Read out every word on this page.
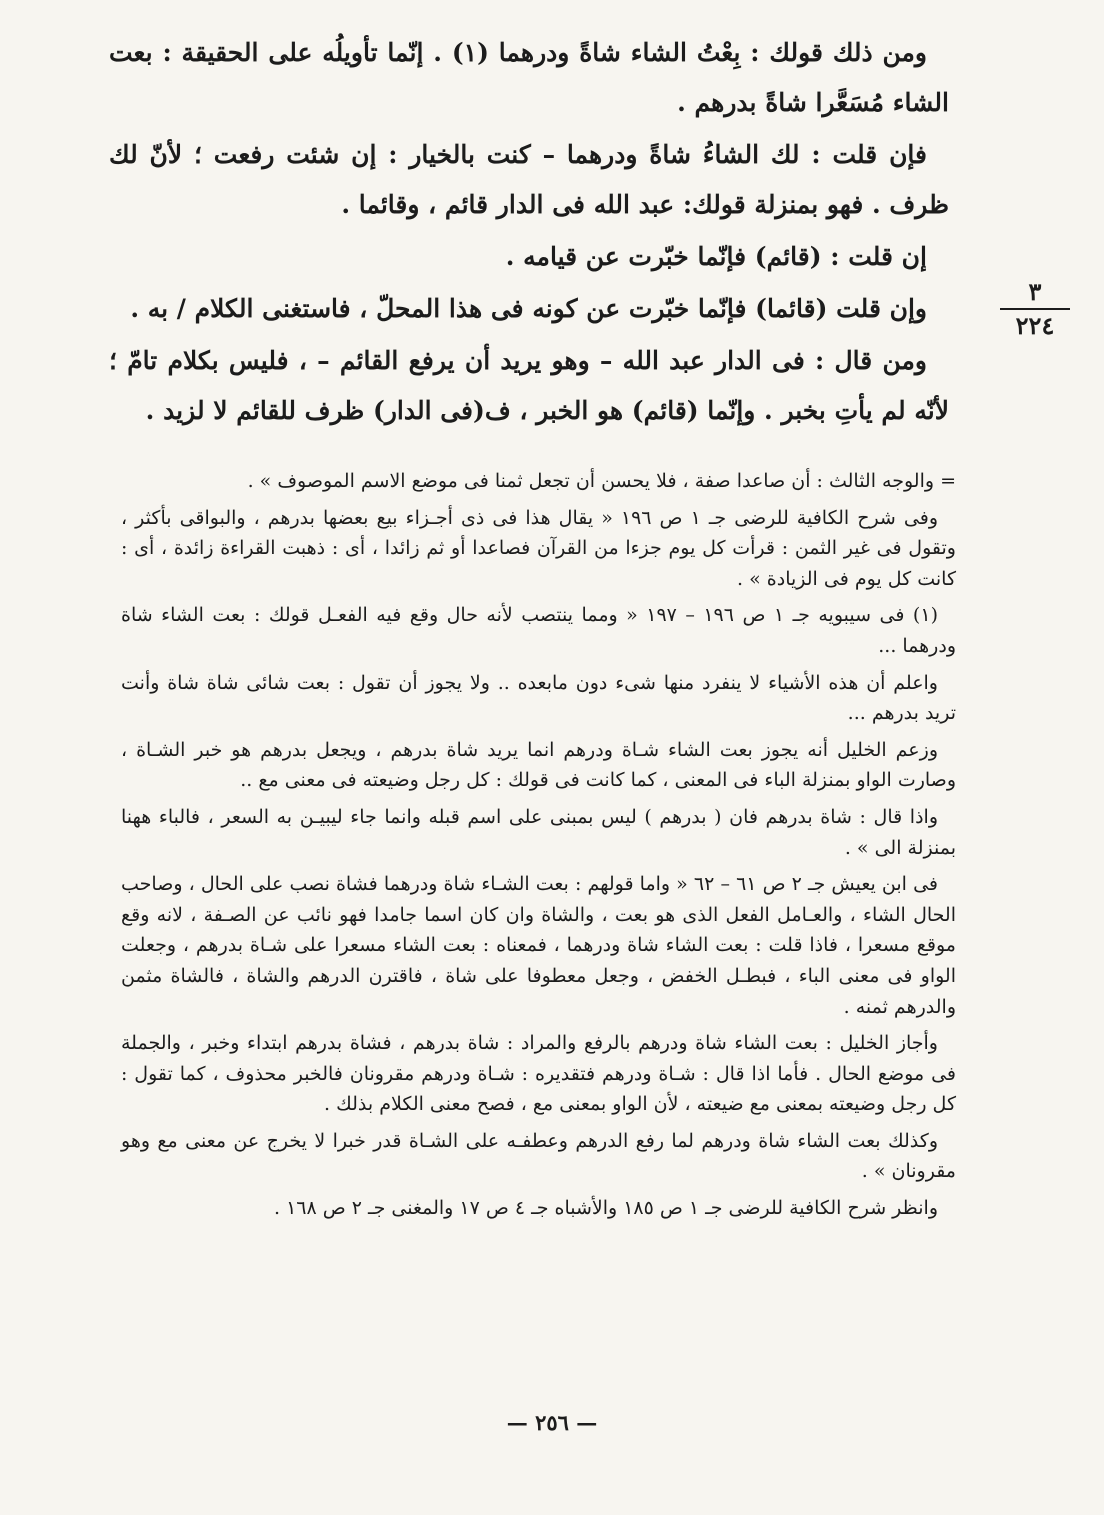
ومن ذلك قولك : بِعْتُ الشاء شاةً ودرهما (١) . إنّما تأويلُه على الحقيقة : بعت الشاء مُسَعَّرا شاةً بدرهم .

فإن قلت : لك الشاءُ شاةً ودرهما – كنت بالخيار : إن شئت رفعت ؛ لأنّ لك ظرف . فهو بمنزلة قولك: عبد الله فى الدار قائم ، وقائما .

إن قلت : (قائم) فإنّما خبّرت عن قيامه .

وإن قلت (قائما) فإنّما خبّرت عن كونه فى هذا المحلّ ، فاستغنى الكلام / به .

ومن قال : فى الدار عبد الله – وهو يريد أن يرفع القائم – ، فليس بكلام تامّ ؛ لأنّه لم يأتِ بخبر . وإنّما (قائم) هو الخبر ، ف(فى الدار) ظرف للقائم لا لزيد .

٣
٢٢٤

= والوجه الثالث : أن صاعدا صفة ، فلا يحسن أن تجعل ثمنا فى موضع الاسم الموصوف » .

وفى شرح الكافية للرضى جـ ١ ص ١٩٦ « يقال هذا فى ذى أجـزاء بيع بعضها بدرهم ، والبواقى بأكثر ، وتقول فى غير الثمن : قرأت كل يوم جزءا من القرآن فصاعدا أو ثم زائدا ، أى : ذهبت القراءة زائدة ، أى : كانت كل يوم فى الزيادة » .

(١) فى سيبويه جـ ١ ص ١٩٦ – ١٩٧ « ومما ينتصب لأنه حال وقع فيه الفعـل قولك : بعت الشاء شاة ودرهما ...

واعلم أن هذه الأشياء لا ينفرد منها شىء دون مابعده .. ولا يجوز أن تقول : بعت شائى شاة شاة وأنت تريد بدرهم ...

وزعم الخليل أنه يجوز بعت الشاء شـاة ودرهم انما يريد شاة بدرهم ، ويجعل بدرهم هو خبر الشـاة ، وصارت الواو بمنزلة الباء فى المعنى ، كما كانت فى قولك : كل رجل وضيعته فى معنى مع ..

واذا قال : شاة بدرهم فان ( بدرهم ) ليس بمبنى على اسم قبله وانما جاء ليبيـن به السعر ، فالباء ههنا بمنزلة الى » .

فى ابن يعيش جـ ٢ ص ٦١ – ٦٢ « واما قولهم : بعت الشـاء شاة ودرهما فشاة نصب على الحال ، وصاحب الحال الشاء ، والعـامل الفعل الذى هو بعت ، والشاة وان كان اسما جامدا فهو نائب عن الصـفة ، لانه وقع موقع مسعرا ، فاذا قلت : بعت الشاء شاة ودرهما ، فمعناه : بعت الشاء مسعرا على شـاة بدرهم ، وجعلت الواو فى معنى الباء ، فبطـل الخفض ، وجعل معطوفا على شاة ، فاقترن الدرهم والشاة ، فالشاة مثمن والدرهم ثمنه .

وأجاز الخليل : بعت الشاء شاة ودرهم بالرفع والمراد : شاة بدرهم ، فشاة بدرهم ابتداء وخبر ، والجملة فى موضع الحال . فأما اذا قال : شـاة ودرهم فتقديره : شـاة ودرهم مقرونان فالخبر محذوف ، كما تقول : كل رجل وضيعته بمعنى مع ضيعته ، لأن الواو بمعنى مع ، فصح معنى الكلام بذلك .

وكذلك بعت الشاء شاة ودرهم لما رفع الدرهم وعطفـه على الشـاة قدر خبرا لا يخرج عن معنى مع وهو مقرونان » .

وانظر شرح الكافية للرضى جـ ١ ص ١٨٥ والأشباه جـ ٤ ص ١٧ والمغنى جـ ٢ ص ١٦٨ .

— ٢٥٦ —
